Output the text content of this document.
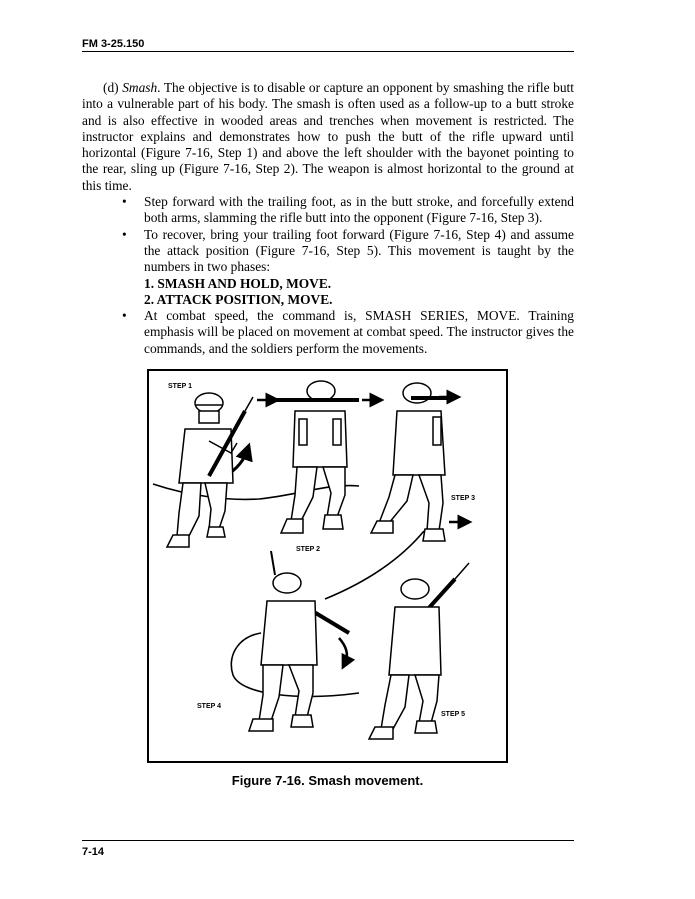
FM 3-25.150

(d) Smash. The objective is to disable or capture an opponent by smashing the rifle butt into a vulnerable part of his body. The smash is often used as a follow-up to a butt stroke and is also effective in wooded areas and trenches when movement is restricted. The instructor explains and demonstrates how to push the butt of the rifle upward until horizontal (Figure 7-16, Step 1) and above the left shoulder with the bayonet pointing to the rear, sling up (Figure 7-16, Step 2). The weapon is almost horizontal to the ground at this time.

• Step forward with the trailing foot, as in the butt stroke, and forcefully extend both arms, slamming the rifle butt into the opponent (Figure 7-16, Step 3).
• To recover, bring your trailing foot forward (Figure 7-16, Step 4) and assume the attack position (Figure 7-16, Step 5). This movement is taught by the numbers in two phases:
1. SMASH AND HOLD, MOVE.
2. ATTACK POSITION, MOVE.
• At combat speed, the command is, SMASH SERIES, MOVE. Training emphasis will be placed on movement at combat speed. The instructor gives the commands, and the soldiers perform the movements.
STEP 1
STEP 2
STEP 3
STEP 4
STEP 5
Figure 7-16. Smash movement.
7-14
